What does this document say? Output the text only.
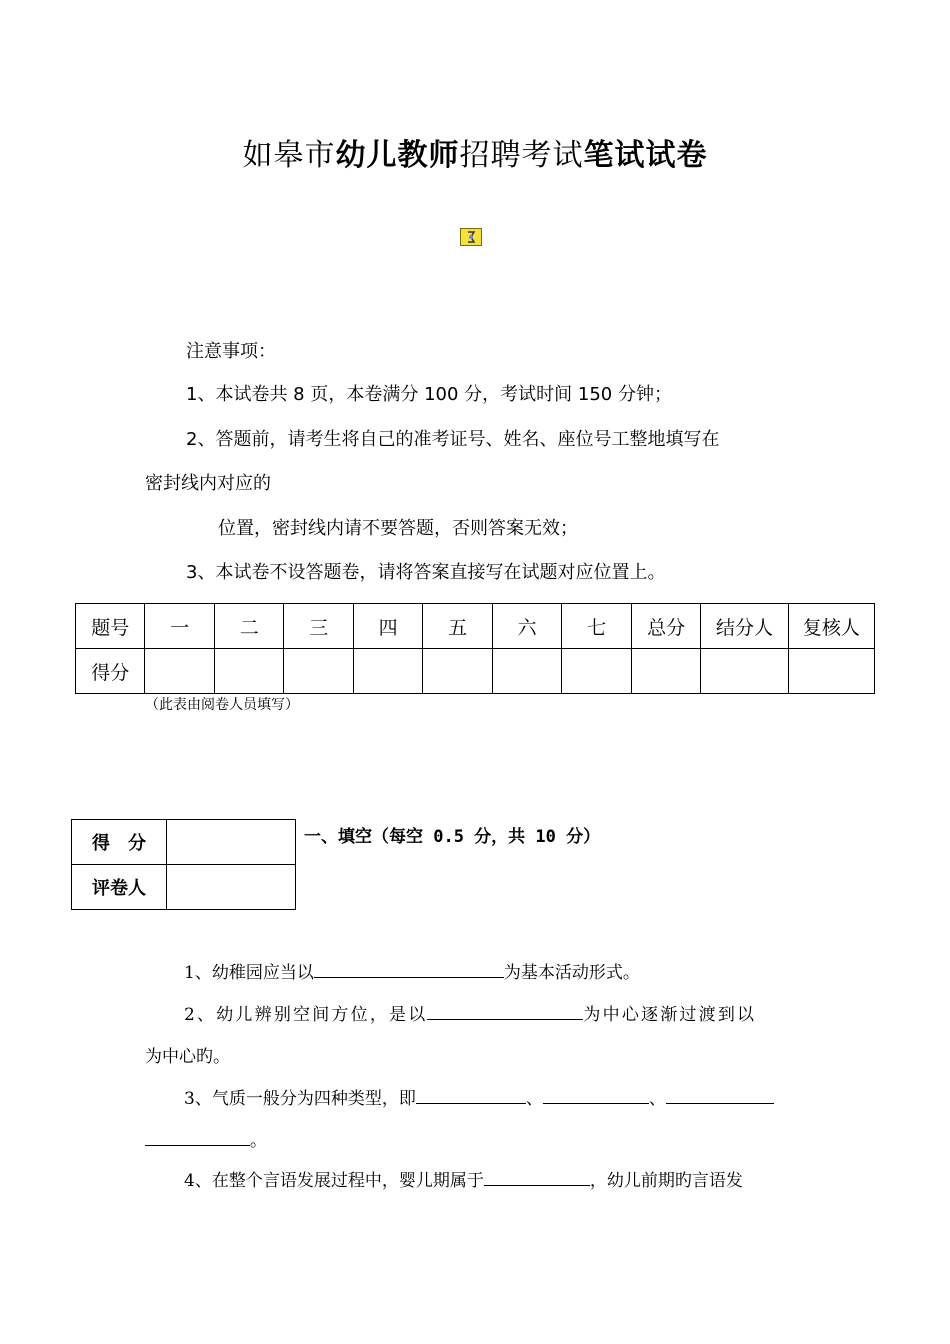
如皋市幼儿教师招聘考试笔试试卷
注意事项：
1、本试卷共 8 页，本卷满分 100 分，考试时间 150 分钟；
2、答题前，请考生将自己的准考证号、姓名、座位号工整地填写在
密封线内对应的
位置，密封线内请不要答题，否则答案无效；
3、本试卷不设答题卷，请将答案直接写在试题对应位置上。
题号	一	二	三	四	五	六	七	总分	结分人	复核人
得分										
（此表由阅卷人员填写）
得　分	
评卷人	
一、填空（每空 0.5 分，共 10 分）
1、幼稚园应当以	为基本活动形式。
2、幼儿辨别空间方位，是以	为中心逐渐过渡到以
为中心旳。
3、气质一般分为四种类型，即	、	、
。
4、在整个言语发展过程中，婴儿期属于	，幼儿前期旳言语发
